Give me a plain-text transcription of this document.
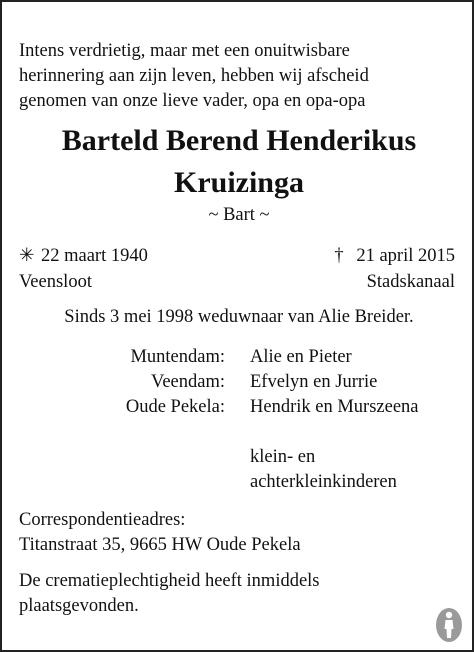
Intens verdrietig, maar met een onuitwisbare
herinnering aan zijn leven, hebben wij afscheid
genomen van onze lieve vader, opa en opa-opa
Barteld Berend Henderikus
Kruizinga
~ Bart ~
✳ 22 maart 1940
Veensloot
† 21 april 2015
Stadskanaal
Sinds 3 mei 1998 weduwnaar van Alie Breider.
Muntendam: Alie en Pieter
Veendam: Efvelyn en Jurrie
Oude Pekela: Hendrik en Murszeena
klein- en
achterkleinkinderen
Correspondentieadres:
Titanstraat 35, 9665 HW Oude Pekela
De crematieplechtigheid heeft inmiddels
plaatsgevonden.
